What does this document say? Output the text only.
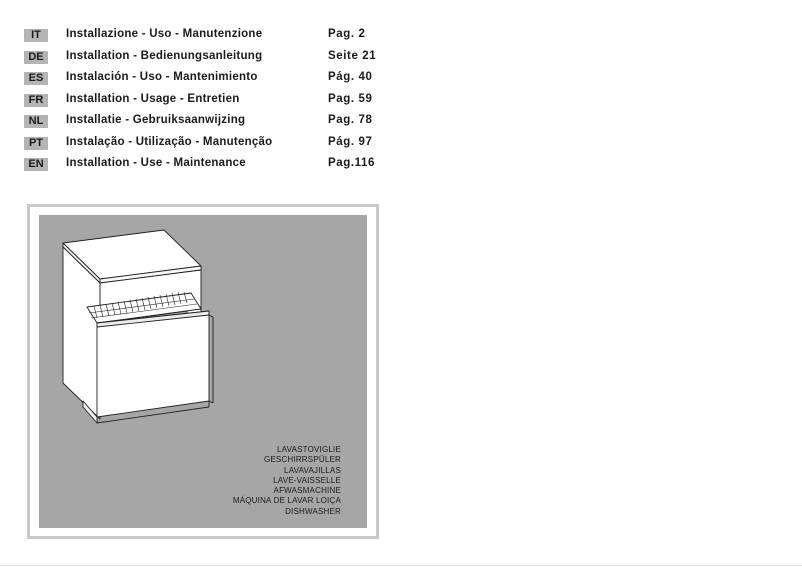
IT	Installazione - Uso - Manutenzione	Pag. 2
DE	Installation - Bedienungsanleitung	Seite 21
ES	Instalación - Uso - Mantenimiento	Pág. 40
FR	Installation - Usage - Entretien	Pag. 59
NL	Installatie - Gebruiksaanwijzing	Pag. 78
PT	Instalação - Utilização - Manutenção	Pág. 97
EN	Installation - Use - Maintenance	Pag.116
LAVASTOVIGLIE
GESCHIRRSPÜLER
LAVAVAJILLAS
LAVE-VAISSELLE
AFWASMACHINE
MÁQUINA DE LAVAR LOIÇA
DISHWASHER
